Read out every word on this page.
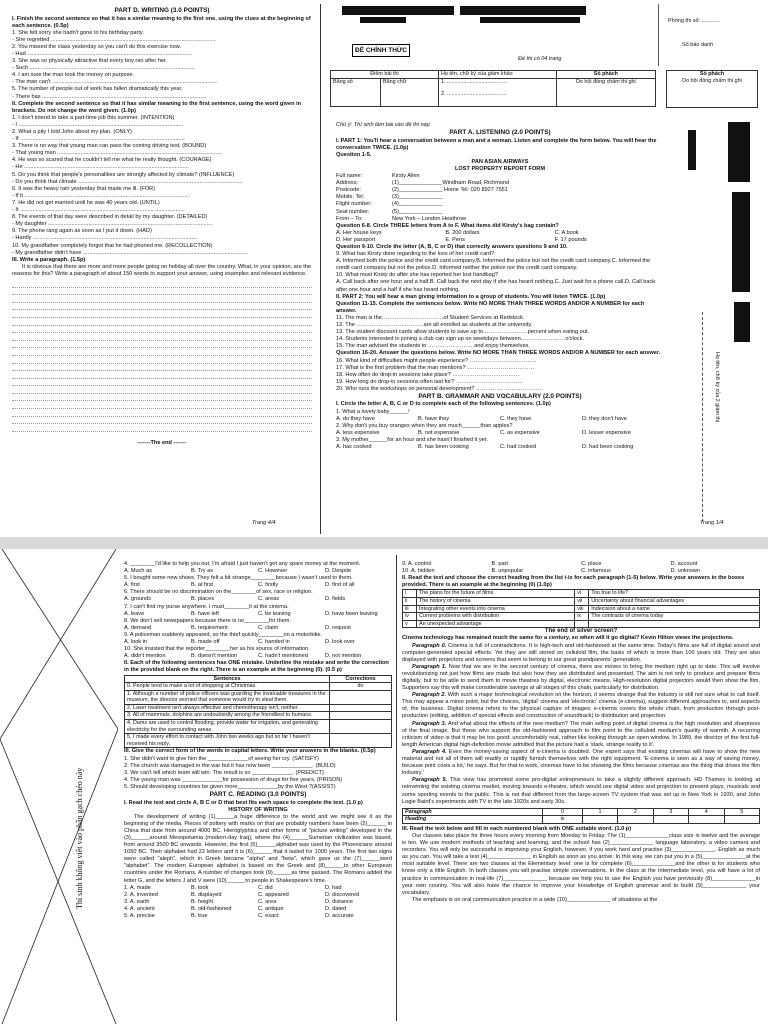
PART D. WRITING (3.0 POINTS)

I. Finish the second sentence so that it has a similar meaning to the first one, using the clues at the beginning of each sentence. (0.5p)

1. She felt sorry she hadn't gone to his birthday party.
- She regretted ..........................................................................................................
2. You missed the class yesterday so you can't do this exercise now.
- Had ..........................................................................................................
3. She was so physically attractive that every boy ran after her.
- Such ..........................................................................................................
4. I am sure the man took the money on purpose.
- The man can't ..........................................................................................................
5. The number of people out of work has fallen dramatically this year.
- There has ..........................................................................................................

II. Complete the second sentence so that it has similar meaning to the first sentence, using the word given in brackets. Do not change the word given. (1.0p)

1. I don't intend to take a part-time job this summer. (INTENTION)
- I ..........................................................................................................
2. What a pity I told John about my plan. (ONLY)
- If ..........................................................................................................
3. There is no way that young man can pass the coming driving test. (BOUND)
- That young man ..........................................................................................................
4. He was so scared that he couldn't tell me what he really thought. (COURAGE)
- He ..........................................................................................................
5. Do you think that people's personalities are strongly affected by climate? (INFLUENCE)
- Do you think that climate ..........................................................................................................
6. It was the heavy rain yesterday that made me ill. (FOR)
- If it ..........................................................................................................
7. He did not get married until he was 40 years old. (UNTIL)
- It ..........................................................................................................
8. The events of that day were described in detail by my daughter. (DETAILED)
- My daughter ..........................................................................................................
9. The phone rang again as soon as I put it down. (HAD)
- Hardly ..........................................................................................................
10. My grandfather completely forgot that he had phoned me. (RECOLLECTION)
- My grandfather didn't have ..........................................................................................................

III. Write a paragraph. (1.5p)

It is obvious that there are more and more people going on holiday all over the country. What, in your opinion, are the reasons for this? Write a paragraph of about 150 words to support your answer, using examples and relevant evidence.

-------The end -------
Trang 4/4
ĐỀ CHÍNH THỨC
Đề thi có 04 trang
Phòng thi số: ............
Số báo danh
Điểm bài thi		Họ tên, chữ ký của giám khảo	Số phách
Bằng số	Bằng chữ	1. ........................................
2. ........................................	Do hội đồng chấm thi ghi
Số phách
Do hội đồng chấm thi ghi

Chú ý: Thí sinh làm bài vào đề thi này.

PART A. LISTENING (2.0 POINTS)

I. PART 1: You'll hear a conversation between a man and a woman. Listen and complete the form below. You will hear the conversation TWICE. (1.0p)

Question 1-5.

PAN ASIAN AIRWAYS
LOST PROPERTY REPORT FORM
Full name:	Kirsty Allen
Address:	(1)______________Windham Road, Richmond
Postcode:	(2)______________ Home Tel: 020 8927 7651
Mobile. Tel:	(3)______________
Flight number:	(4)______________
Seat number:	(5)______________
From – To:	New York – London Heathrow

Question 6-8. Circle THREE letters from A to F. What items did Kirsty's bag contain?

A. Her house keys	B. 200 dollars	C. A book
D. Her passport	E. Pens	F. 17 pounds

Question 9-10. Circle the letter (A, B, C or D) that correctly answers questions 9 and 10.

9. What has Kirsty done regarding to the loss of her credit card?

A. Informed both the police and the credit card company.B. Informed the police but not the credit card company.C. Informed the credit card company but not the police.D. Informed neither the police nor the credit card company.

10. What must Kirsty do after she has reported her lost handbag?

A. Call back after one hour and a half.B. Call back the next day if she has heard nothing.C. Just wait for a phone call.D. Call back after one hour and a half if she has heard nothing.

II. PART 2: You will hear a man giving information to a group of students. You will listen TWICE. (1.0p)

Question 11-15. Complete the sentences below. Write NO MORE THAN THREE WORDS AND/OR A NUMBER for each answer.

11. The man is the……………………………of Student Services at Redstock.
12. The ………………………………are all enrolled as students at the university.
13. The student discount cards allow students to save up to……………………percent when eating out.
14. Students interested in joining a club can sign up on weekdays between……………………o'clock.
15. The man advised the students to …………………… and enjoy themselves.

Question 16-20. Answer the questions below. Write NO MORE THAN THREE WORDS AND/OR A NUMBER for each answer.

16. What kind of difficulties might people experience? ………………………………
17. What is the first problem that the man mentions? ………………………………
18. How often do drop-in sessions take place? ………………………………
19. How long do drop-in sessions often last for? ………………………………
20. Who runs the workshops on personal development? ………………………………
PART B. GRAMMAR AND VOCABULARY (2.0 POINTS)

I. Circle the letter A, B, C or D to complete each of the following sentences. (1.0p)

1. What a lovely baby______!

A. do they have	B. have they	C. they have	D. they don't have

2. Why don't you buy oranges when they are much______than apples?

A. less expensive	B. not expensive	C. as expensive	D. lesser expensive

3. My mother______for an hour and she hasn't finished it yet.

A. has cooked	B. has been cooking	C. had cooked	D. had been cooking
Trang 1/4
Họ tên, chữ ký của 2 giám thị
Thí sinh không viết vào phần gạch chéo này
4. ________I'd like to help you out, I'm afraid I just haven't got any spare money at the moment.
A. Much as	B. Try as	C. However	D. Despite
5. I bought some new shoes. They felt a bit strange________because I wasn't used to them.
A. first	B. at first	C. firstly	D. first of all
6. There should be no discrimination on the________of sex, race or religion.
A. grounds	B. places	C. areas	D. fields
7. I can't find my purse anywhere. I must________it at the cinema.
A. leave	B. have left	C. be leaving	D. have been leaving
8. We don't sell newspapers because there is no________for them.
A. demand	B. requirement	C. claim	D. request
9. A policeman suddenly appeared, so the thief quickly________on a motorbike.
A. look in	B. made off	C. handed in	D. look over
10. She insisted that the reporter________her as his source of information.
A. didn't mention	B. doesn't mention	C. hadn't mentioned	D. not mention

II. Each of the following sentences has ONE mistake. Underline the mistake and write the correction in the provided blank on the right. There is an example at the beginning (0). (0.5 p)

Sentences	Corrections
0. People tend to make a lot of shopping at Christmas.	do
1. Although a number of police officers was guarding the invaluable treasures in the museum, the director worried that someone would try to steal them.	
2. Laser treatment isn't always effective and chemotherapy isn't, neither.	
3. All of mammals, dolphins are undoubtedly among the friendliest to humans.	
4. Dams are used to control flooding, provide water for irrigation, and generating electricity for the surrounding areas.	
5. I made every effort to contact with John two weeks ago but so far I haven't received his reply.	

III. Give the correct form of the words in capital letters. Write your answers in the blanks. (0.5p)

1. She didn't want to give him the _____________of seeing her cry. (SATISFY)
2. The church was damaged in the war but it has now been _____________. (BUILD)
3. We can't tell which team will win. The result is so _____________. (PREDICT)
4. The young man was _____________for possession of drugs for five years. (PRISON)
5. Should developing countries be given more_____________by the West ?(ASSIST)
PART C. READING (3.0 POINTS)

I. Read the text and circle A, B C or D that best fits each space to complete the text. (1.0 p)

HISTORY OF WRITING

The development of writing (1)______a huge difference to the world and we might see it as the beginning of the media. Pieces of pottery with marks on that are probably numbers have been (2)______ in China that date from around 4000 BC. Hieroglyphics and other forms of "picture writing" developed in the (3)______around Mesopotamia (modern-day Iraq), where the (4)______Sumerian civilization was based, from around 3500 BC onwards. However, the first (5)______alphabet was used by the Phoenicians around 1050 BC. Their alphabet had 22 letters and it is (6)______ that it lasted for 1000 years. The first two signs were called "aleph", which in Greek became "alpha" and "beta", which gave us the (7)______word "alphabet". The modern European alphabet is based on the Greek and (8)______to other European countries under the Romans. A number of changes took (9)______as time passed. The Romans added the letter G, and the letters J and V were (10)______to people in Shakespeare's time.

1. A. made	B. took	C. did	D. had
2. A. invented	B. displayed	C. appeared	D. discovered
3. A. earth	B. height	C. area	D. distance
4. A. ancient	B. old-fashioned	C. antique	D. dated
5. A. precise	B. true	C. exact	D. accurate
9. A. control	B. part	C. place	D. account
10. A. hidden	B. unpopular	C. infamous	D. unknown

II. Read the text and choose the correct heading from the list i-ix for each paragraph (1-5) below. Write your answers in the boxes provided. There is an example at the beginning (0) (1.0p)

i	The plans for the future of films	vi	Too true to life?
ii	The history of cinema	vii	Uncertainty about financial advantages
iii	Integrating other events into cinema	viii	Indecision about a name
iv	Current problems with distribution	ix	The contrasts of cinema today
v	An unexpected advantage		
The end of silver screen?

Cinema technology has remained much the same for a century, so when will it go digital? Kevin Hilton views the projections.

Paragraph 0. Cinema is full of contradictions. It is high-tech and old-fashioned at the same time. Today's films are full of digital sound and computer-generated special effects. Yet they are still stored on celluloid film, the basis of which is more than 100 years old. They are also displayed with projectors and screens that seem to belong to our great grandparents' generation.

Paragraph 1. Now that we are in the second century of cinema, there are moves to bring the medium right up to date. This will involve revolutionizing not just how films are made but also how they are distributed and presented. The aim is not only to produce and prepare films digitally, but to be able to send them to movie theatres by digital, electronic means. High-resolution digital projectors would then show the film. Supporters say this will make considerable savings at all stages of this chain, particularly for distribution.

Paragraph 2. With such a major technological revolution on the horizon, it seems strange that the industry is still not sure what to call itself. This may appear a minor point, but the choices, 'digital' cinema and 'electronic' cinema (e-cinema), suggest different approaches to, and aspects of, the business. Digital cinema refers to the physical capture of images; e-cinema covers the whole chain, from production through post-production (editing, addition of special effects and construction of soundtrack) to distribution and projection.

Paragraph 3. And what about the effects of the new medium? The main selling point of digital cinema is the high resolution and sharpness of the final image. But those who support the old-fashioned approach to film point to the celluloid medium's quality of warmth. A recurring criticism of video is that it may be too good: uncomfortably real, rather like looking through an open window. In 1989, the director of the first full-length American digital high-definition movie admitted that the picture had a 'stark, strange reality to it'.

Paragraph 4. Even the money-saving aspect of e-cinema is doubted. One expert says that existing cinemas will have to show the new material and not all of them will readily or rapidly furnish themselves with the right equipment. 'E-cinema is seen as a way of saving money, because print costs a lot,' he says. But for that to work, cinemas have to be showing the films because cinemas are the thing that drives the film industry.'

Paragraph 5. This view has promoted some pro-digital entrepreneurs to take a slightly different approach. HD Thames is looking at reinventing the existing cinema market, moving towards e-theatre, which would use digital video and projection to present plays, musicals and some sporting events to the public. This is not that different from the large-screen TV system that was set up in New York in 1930, and John Logie Baird's experiments with TV in the late 1920s and early 30s.

Paragraph	0	1	2	3	4	5
Heading	ix					

III. Read the text below and fill in each numbered blank with ONE suitable word. (1.0 p)

Our classes take place for three hours every morning from Monday to Friday. The (1)______________class size is twelve and the average is ten. We use modern methods of teaching and learning, and the school has (2)______________ language laboratory, a video camera and recorders. You will only be successful in improving your English, however, if you work hard and practise (3)______________. English as much as you can. You will take a test (4)______________ in English as soon as you arrive. In this way, we can put you in a (5)______________at the most suitable level. There are two classes at the Elementary level: one is for complete (6)______________and the other is for students who know only a little English. In both classes you will practise simple conversations. In the class at the Intermediate level, you will have a lot of practice in communication in real-life (7)______________ because we help you to use the English you have previously (8)______________in your own country. You will also have the chance to improve your knowledge of English grammar and to build (9)______________ your vocabulary.

The emphasis is on oral communication practice in a wide (10)______________ of situations at the
